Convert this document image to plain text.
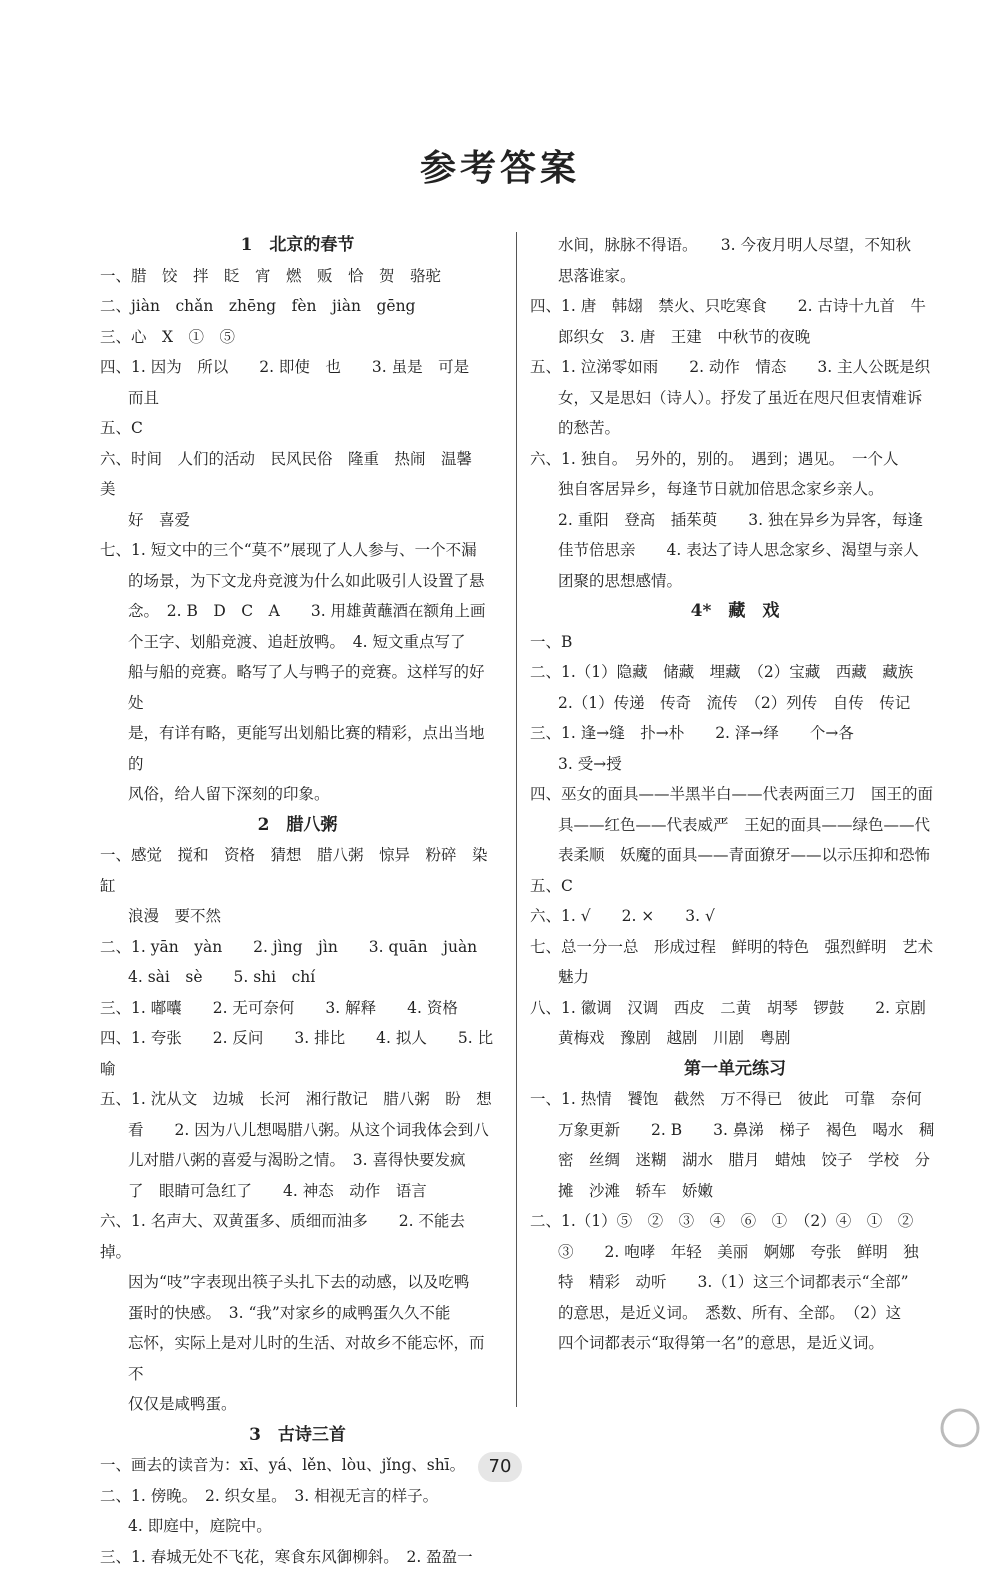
参考答案
1　北京的春节
一、腊　饺　拌　眨　宵　燃　贩　恰　贺　骆驼
二、jiàn　chǎn　zhēng　fèn　jiàn　gēng
三、心　X　①　⑤
四、1. 因为　所以　　2. 即使　也　　3. 虽是　可是
而且
五、C
六、时间　人们的活动　民风民俗　隆重　热闹　温馨　美
好　喜爱
七、1. 短文中的三个“莫不”展现了人人参与、一个不漏
的场景，为下文龙舟竞渡为什么如此吸引人设置了悬
念。　2. B　D　C　A　　3. 用雄黄蘸酒在额角上画
个王字、划船竞渡、追赶放鸭。　4. 短文重点写了
船与船的竞赛。略写了人与鸭子的竞赛。这样写的好处
是，有详有略，更能写出划船比赛的精彩，点出当地的
风俗，给人留下深刻的印象。
2　腊八粥
一、感觉　搅和　资格　猜想　腊八粥　惊异　粉碎　染缸
浪漫　要不然
二、1. yān　yàn　　2. jìng　jìn　　3. quān　juàn
4. sài　sè　　5. shi　chí
三、1. 嘟囔　　2. 无可奈何　　3. 解释　　4. 资格
四、1. 夸张　　2. 反问　　3. 排比　　4. 拟人　　5. 比喻
五、1. 沈从文　边城　长河　湘行散记　腊八粥　盼　想
看　　2. 因为八儿想喝腊八粥。从这个词我体会到八
儿对腊八粥的喜爱与渴盼之情。　3. 喜得快要发疯
了　眼睛可急红了　　4. 神态　动作　语言
六、1. 名声大、双黄蛋多、质细而油多　　2. 不能去掉。
因为“吱”字表现出筷子头扎下去的动感，以及吃鸭
蛋时的快感。　3. “我”对家乡的咸鸭蛋久久不能
忘怀，实际上是对儿时的生活、对故乡不能忘怀，而不
仅仅是咸鸭蛋。
3　古诗三首
一、画去的读音为：xī、yá、lěn、lòu、jǐng、shī。
二、1. 傍晚。　2. 织女星。　3. 相视无言的样子。
4. 即庭中，庭院中。
三、1. 春城无处不飞花，寒食东风御柳斜。　2. 盈盈一
水间，脉脉不得语。　　3. 今夜月明人尽望，不知秋
思落谁家。
四、1. 唐　韩翃　禁火、只吃寒食　　2. 古诗十九首　牛
郎织女　3. 唐　王建　中秋节的夜晚
五、1. 泣涕零如雨　　2. 动作　情态　　3. 主人公既是织
女，又是思妇（诗人）。抒发了虽近在咫尺但衷情难诉
的愁苦。
六、1. 独自。　另外的，别的。　遇到；遇见。　一个人
独自客居异乡，每逢节日就加倍思念家乡亲人。
2. 重阳　登高　插茱萸　　3. 独在异乡为异客，每逢
佳节倍思亲　　4. 表达了诗人思念家乡、渴望与亲人
团聚的思想感情。
4*　藏　戏
一、B
二、1.（1）隐藏　储藏　埋藏　（2）宝藏　西藏　藏族
2.（1）传递　传奇　流传　（2）列传　自传　传记
三、1. 逢→缝　扑→朴　　2. 泽→绎　　个→各
3. 受→授
四、巫女的面具——半黑半白——代表两面三刀　国王的面
具——红色——代表威严　王妃的面具——绿色——代
表柔顺　妖魔的面具——青面獠牙——以示压抑和恐怖
五、C
六、1. √　　2. ×　　3. √
七、总一分一总　形成过程　鲜明的特色　强烈鲜明　艺术
魅力
八、1. 徽调　汉调　西皮　二黄　胡琴　锣鼓　　2. 京剧
黄梅戏　豫剧　越剧　川剧　粤剧
第一单元练习
一、1. 热情　饕饱　截然　万不得已　彼此　可靠　奈何
万象更新　　2. B　　3. 鼻涕　梯子　褐色　喝水　稠
密　丝绸　迷糊　湖水　腊月　蜡烛　饺子　学校　分
摊　沙滩　轿车　娇嫩
二、1.（1）⑤　②　③　④　⑥　①　（2）④　①　②
③　　2. 咆哮　年轻　美丽　婀娜　夸张　鲜明　独
特　精彩　动听　　3.（1）这三个词都表示“全部”
的意思，是近义词。　悉数、所有、全部。　（2）这
四个词都表示“取得第一名”的意思，是近义词。
70
